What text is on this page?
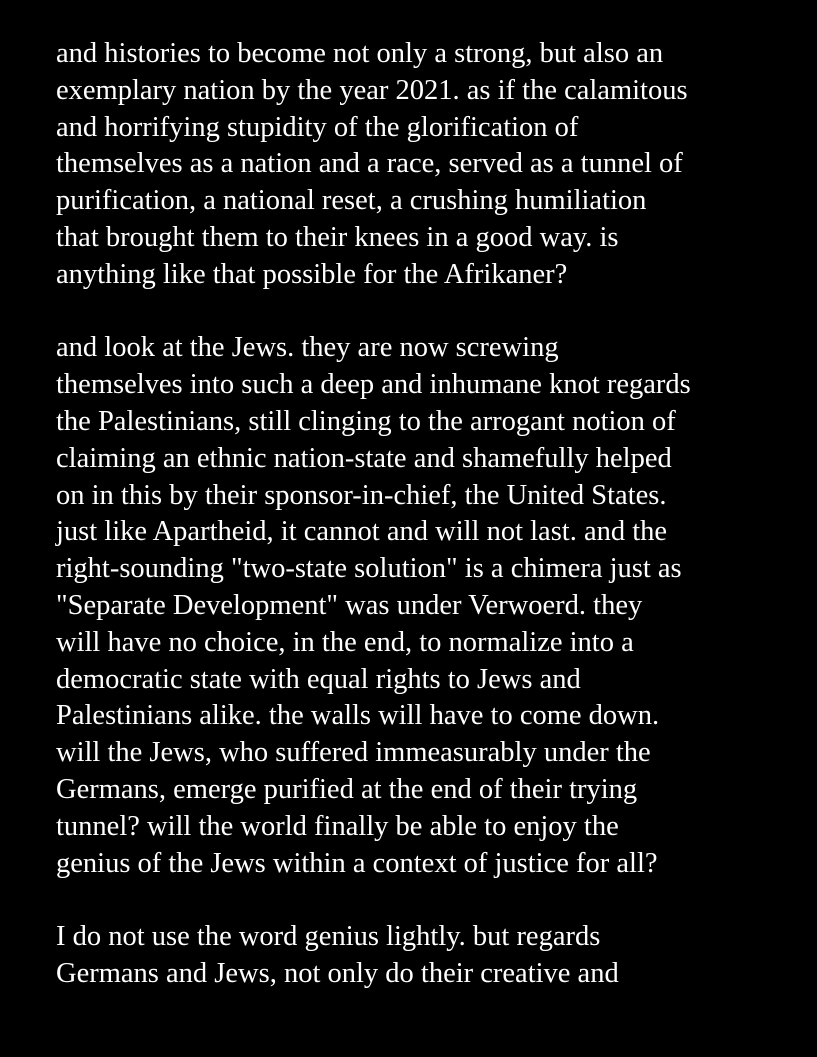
and histories to become not only a strong, but also an
exemplary nation by the year 2021. as if the calamitous
and horrifying stupidity of the glorification of
themselves as a nation and a race, served as a tunnel of
purification, a national reset, a crushing humiliation
that brought them to their knees in a good way. is
anything like that possible for the Afrikaner?
and look at the Jews. they are now screwing
themselves into such a deep and inhumane knot regards
the Palestinians, still clinging to the arrogant notion of
claiming an ethnic nation-state and shamefully helped
on in this by their sponsor-in-chief, the United States.
just like Apartheid, it cannot and will not last. and the
right-sounding "two-state solution" is a chimera just as
"Separate Development" was under Verwoerd. they
will have no choice, in the end, to normalize into a
democratic state with equal rights to Jews and
Palestinians alike. the walls will have to come down.
will the Jews, who suffered immeasurably under the
Germans, emerge purified at the end of their trying
tunnel? will the world finally be able to enjoy the
genius of the Jews within a context of justice for all?
I do not use the word genius lightly. but regards
Germans and Jews, not only do their creative and
